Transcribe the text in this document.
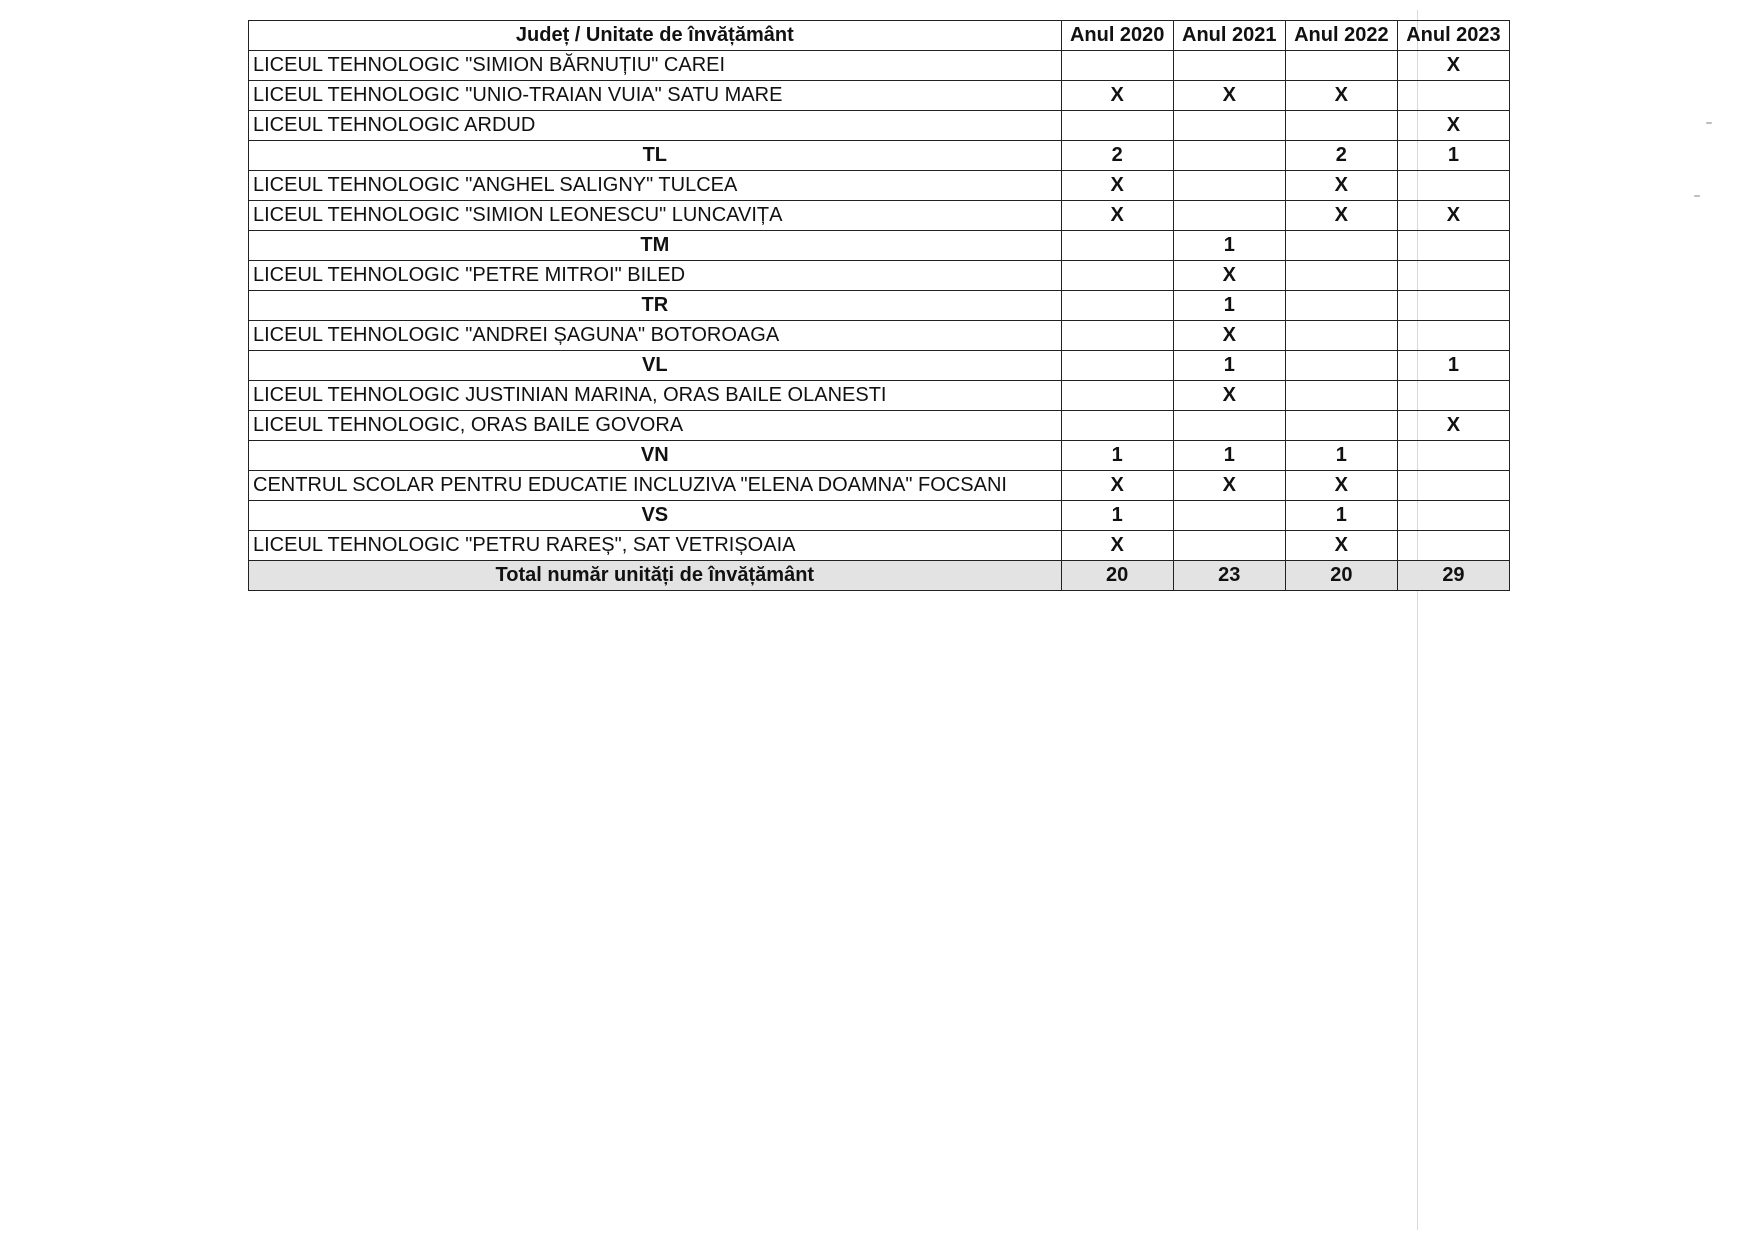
Județ / Unitate de învățământ	Anul 2020	Anul 2021	Anul 2022	Anul 2023
LICEUL TEHNOLOGIC "SIMION BĂRNUȚIU" CAREI				X
LICEUL TEHNOLOGIC "UNIO-TRAIAN VUIA" SATU MARE	X	X	X	
LICEUL TEHNOLOGIC ARDUD				X
TL	2		2	1
LICEUL TEHNOLOGIC "ANGHEL SALIGNY" TULCEA	X		X	
LICEUL TEHNOLOGIC "SIMION LEONESCU" LUNCAVIȚA	X		X	X
TM		1		
LICEUL TEHNOLOGIC "PETRE MITROI" BILED		X		
TR		1		
LICEUL TEHNOLOGIC "ANDREI ȘAGUNA" BOTOROAGA		X		
VL		1		1
LICEUL TEHNOLOGIC JUSTINIAN MARINA, ORAS BAILE OLANESTI		X		
LICEUL TEHNOLOGIC, ORAS BAILE GOVORA				X
VN	1	1	1	
CENTRUL SCOLAR PENTRU EDUCATIE INCLUZIVA "ELENA DOAMNA" FOCSANI	X	X	X	
VS	1		1	
LICEUL TEHNOLOGIC "PETRU RAREȘ", SAT VETRIȘOAIA	X		X	
Total număr unități de învățământ	20	23	20	29
